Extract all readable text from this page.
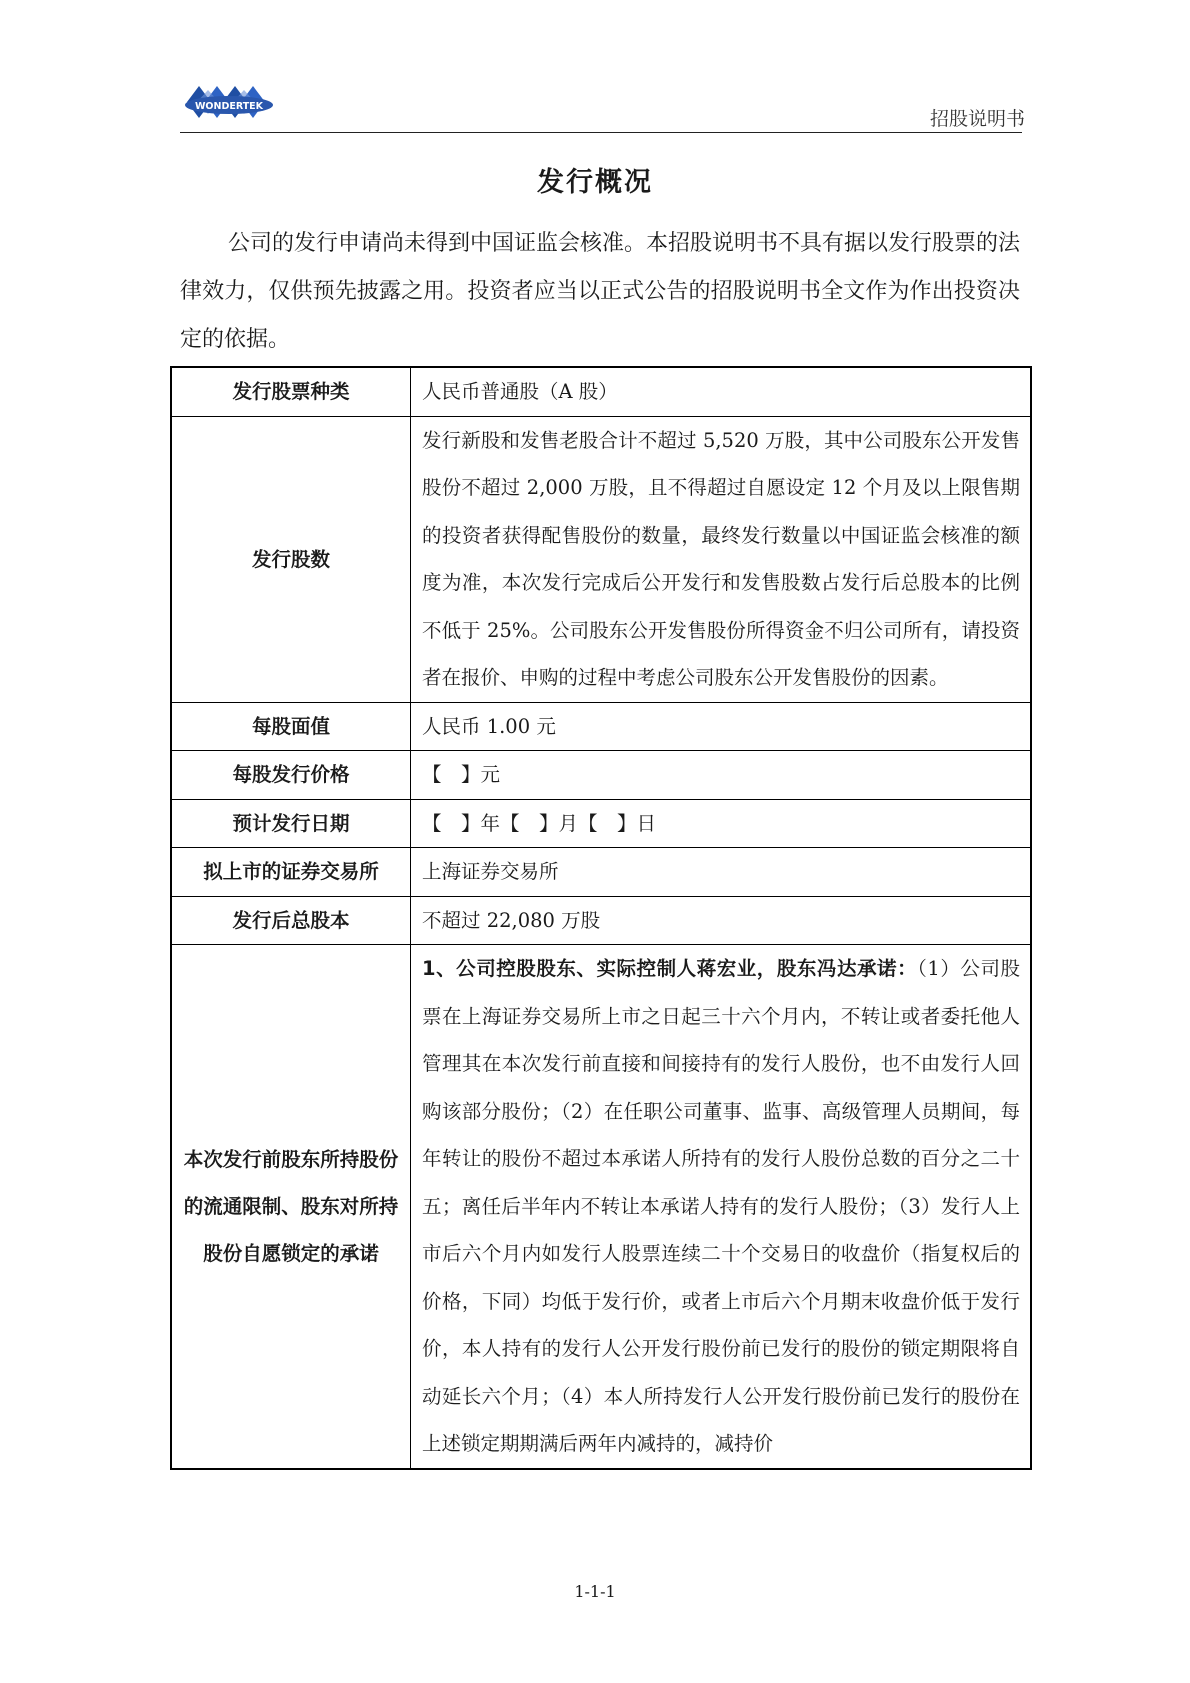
WONDERTEK
招股说明书
发行概况
公司的发行申请尚未得到中国证监会核准。本招股说明书不具有据以发行股票的法律效力，仅供预先披露之用。投资者应当以正式公告的招股说明书全文作为作出投资决定的依据。
发行股票种类	人民币普通股（A 股）
发行股数	发行新股和发售老股合计不超过 5,520 万股，其中公司股东公开发售股份不超过 2,000 万股，且不得超过自愿设定 12 个月及以上限售期的投资者获得配售股份的数量，最终发行数量以中国证监会核准的额度为准，本次发行完成后公开发行和发售股数占发行后总股本的比例不低于 25%。公司股东公开发售股份所得资金不归公司所有，请投资者在报价、申购的过程中考虑公司股东公开发售股份的因素。
每股面值	人民币 1.00 元
每股发行价格	【　】元
预计发行日期	【　】年【　】月【　】日
拟上市的证券交易所	上海证券交易所
发行后总股本	不超过 22,080 万股
本次发行前股东所持股份的流通限制、股东对所持股份自愿锁定的承诺	1、公司控股股东、实际控制人蒋宏业，股东冯达承诺：（1）公司股票在上海证券交易所上市之日起三十六个月内，不转让或者委托他人管理其在本次发行前直接和间接持有的发行人股份，也不由发行人回购该部分股份；（2）在任职公司董事、监事、高级管理人员期间，每年转让的股份不超过本承诺人所持有的发行人股份总数的百分之二十五；离任后半年内不转让本承诺人持有的发行人股份；（3）发行人上市后六个月内如发行人股票连续二十个交易日的收盘价（指复权后的价格，下同）均低于发行价，或者上市后六个月期末收盘价低于发行价，本人持有的发行人公开发行股份前已发行的股份的锁定期限将自动延长六个月；（4）本人所持发行人公开发行股份前已发行的股份在上述锁定期期满后两年内减持的，减持价
1-1-1
